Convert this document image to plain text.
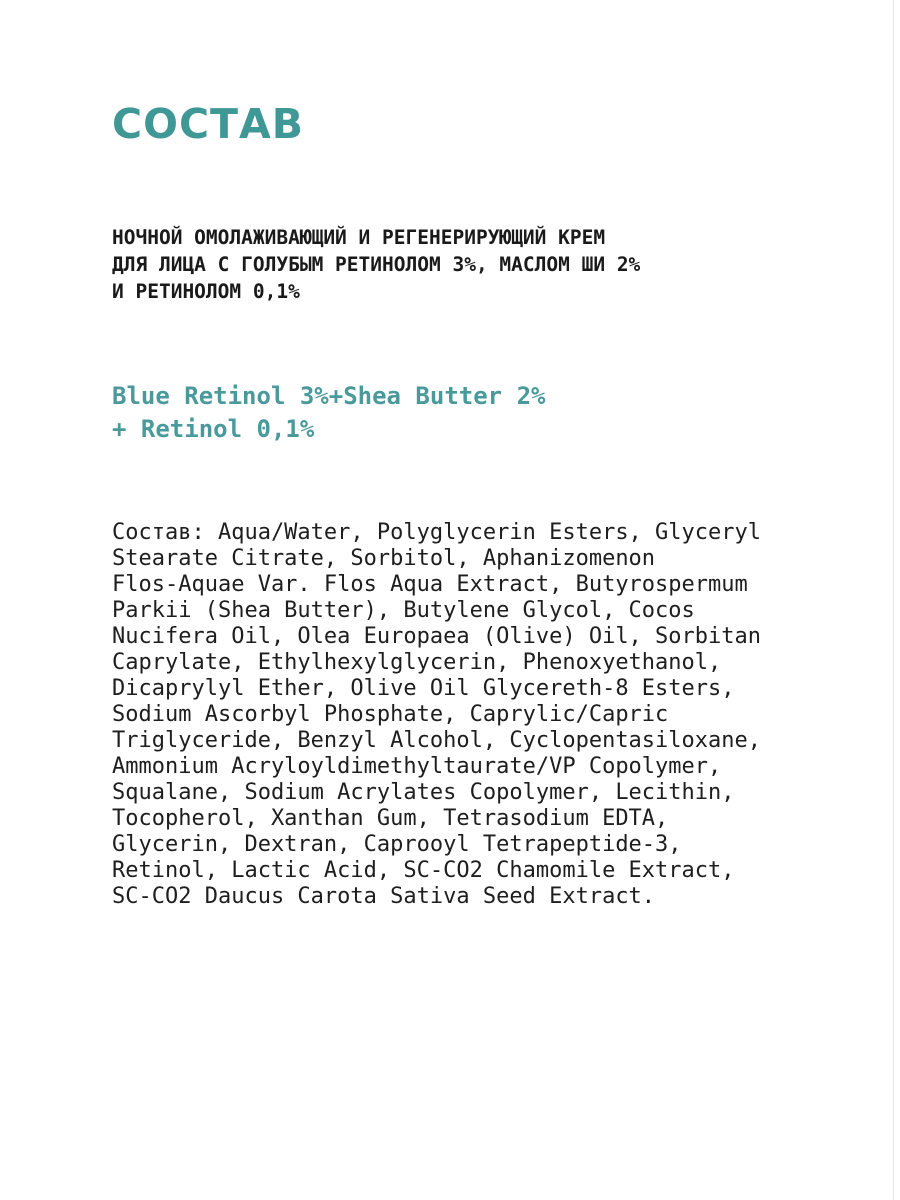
СОСТАВ
НОЧНОЙ ОМОЛАЖИВАЮЩИЙ И РЕГЕНЕРИРУЮЩИЙ КРЕМ
ДЛЯ ЛИЦА С ГОЛУБЫМ РЕТИНОЛОМ 3%, МАСЛОМ ШИ 2%
И РЕТИНОЛОМ 0,1%
Blue Retinol 3%+Shea Butter 2%
+ Retinol 0,1%
Состав: Aqua/Water, Polyglycerin Esters, Glyceryl
Stearate Citrate, Sorbitol, Aphanizomenon
Flos-Aquae Var. Flos Aqua Extract, Butyrospermum
Parkii (Shea Butter), Butylene Glycol, Cocos
Nucifera Oil, Olea Europaea (Olive) Oil, Sorbitan
Caprylate, Ethylhexylglycerin, Phenoxyethanol,
Dicaprylyl Ether, Olive Oil Glycereth-8 Esters,
Sodium Ascorbyl Phosphate, Caprylic/Capric
Triglyceride, Benzyl Alcohol, Cyclopentasiloxane,
Ammonium Acryloyldimethyltaurate/VP Copolymer,
Squalane, Sodium Acrylates Copolymer, Lecithin,
Tocopherol, Xanthan Gum, Tetrasodium EDTA,
Glycerin, Dextran, Caprooyl Tetrapeptide-3,
Retinol, Lactic Acid, SC-CO2 Chamomile Extract,
SC-CO2 Daucus Carota Sativa Seed Extract.
